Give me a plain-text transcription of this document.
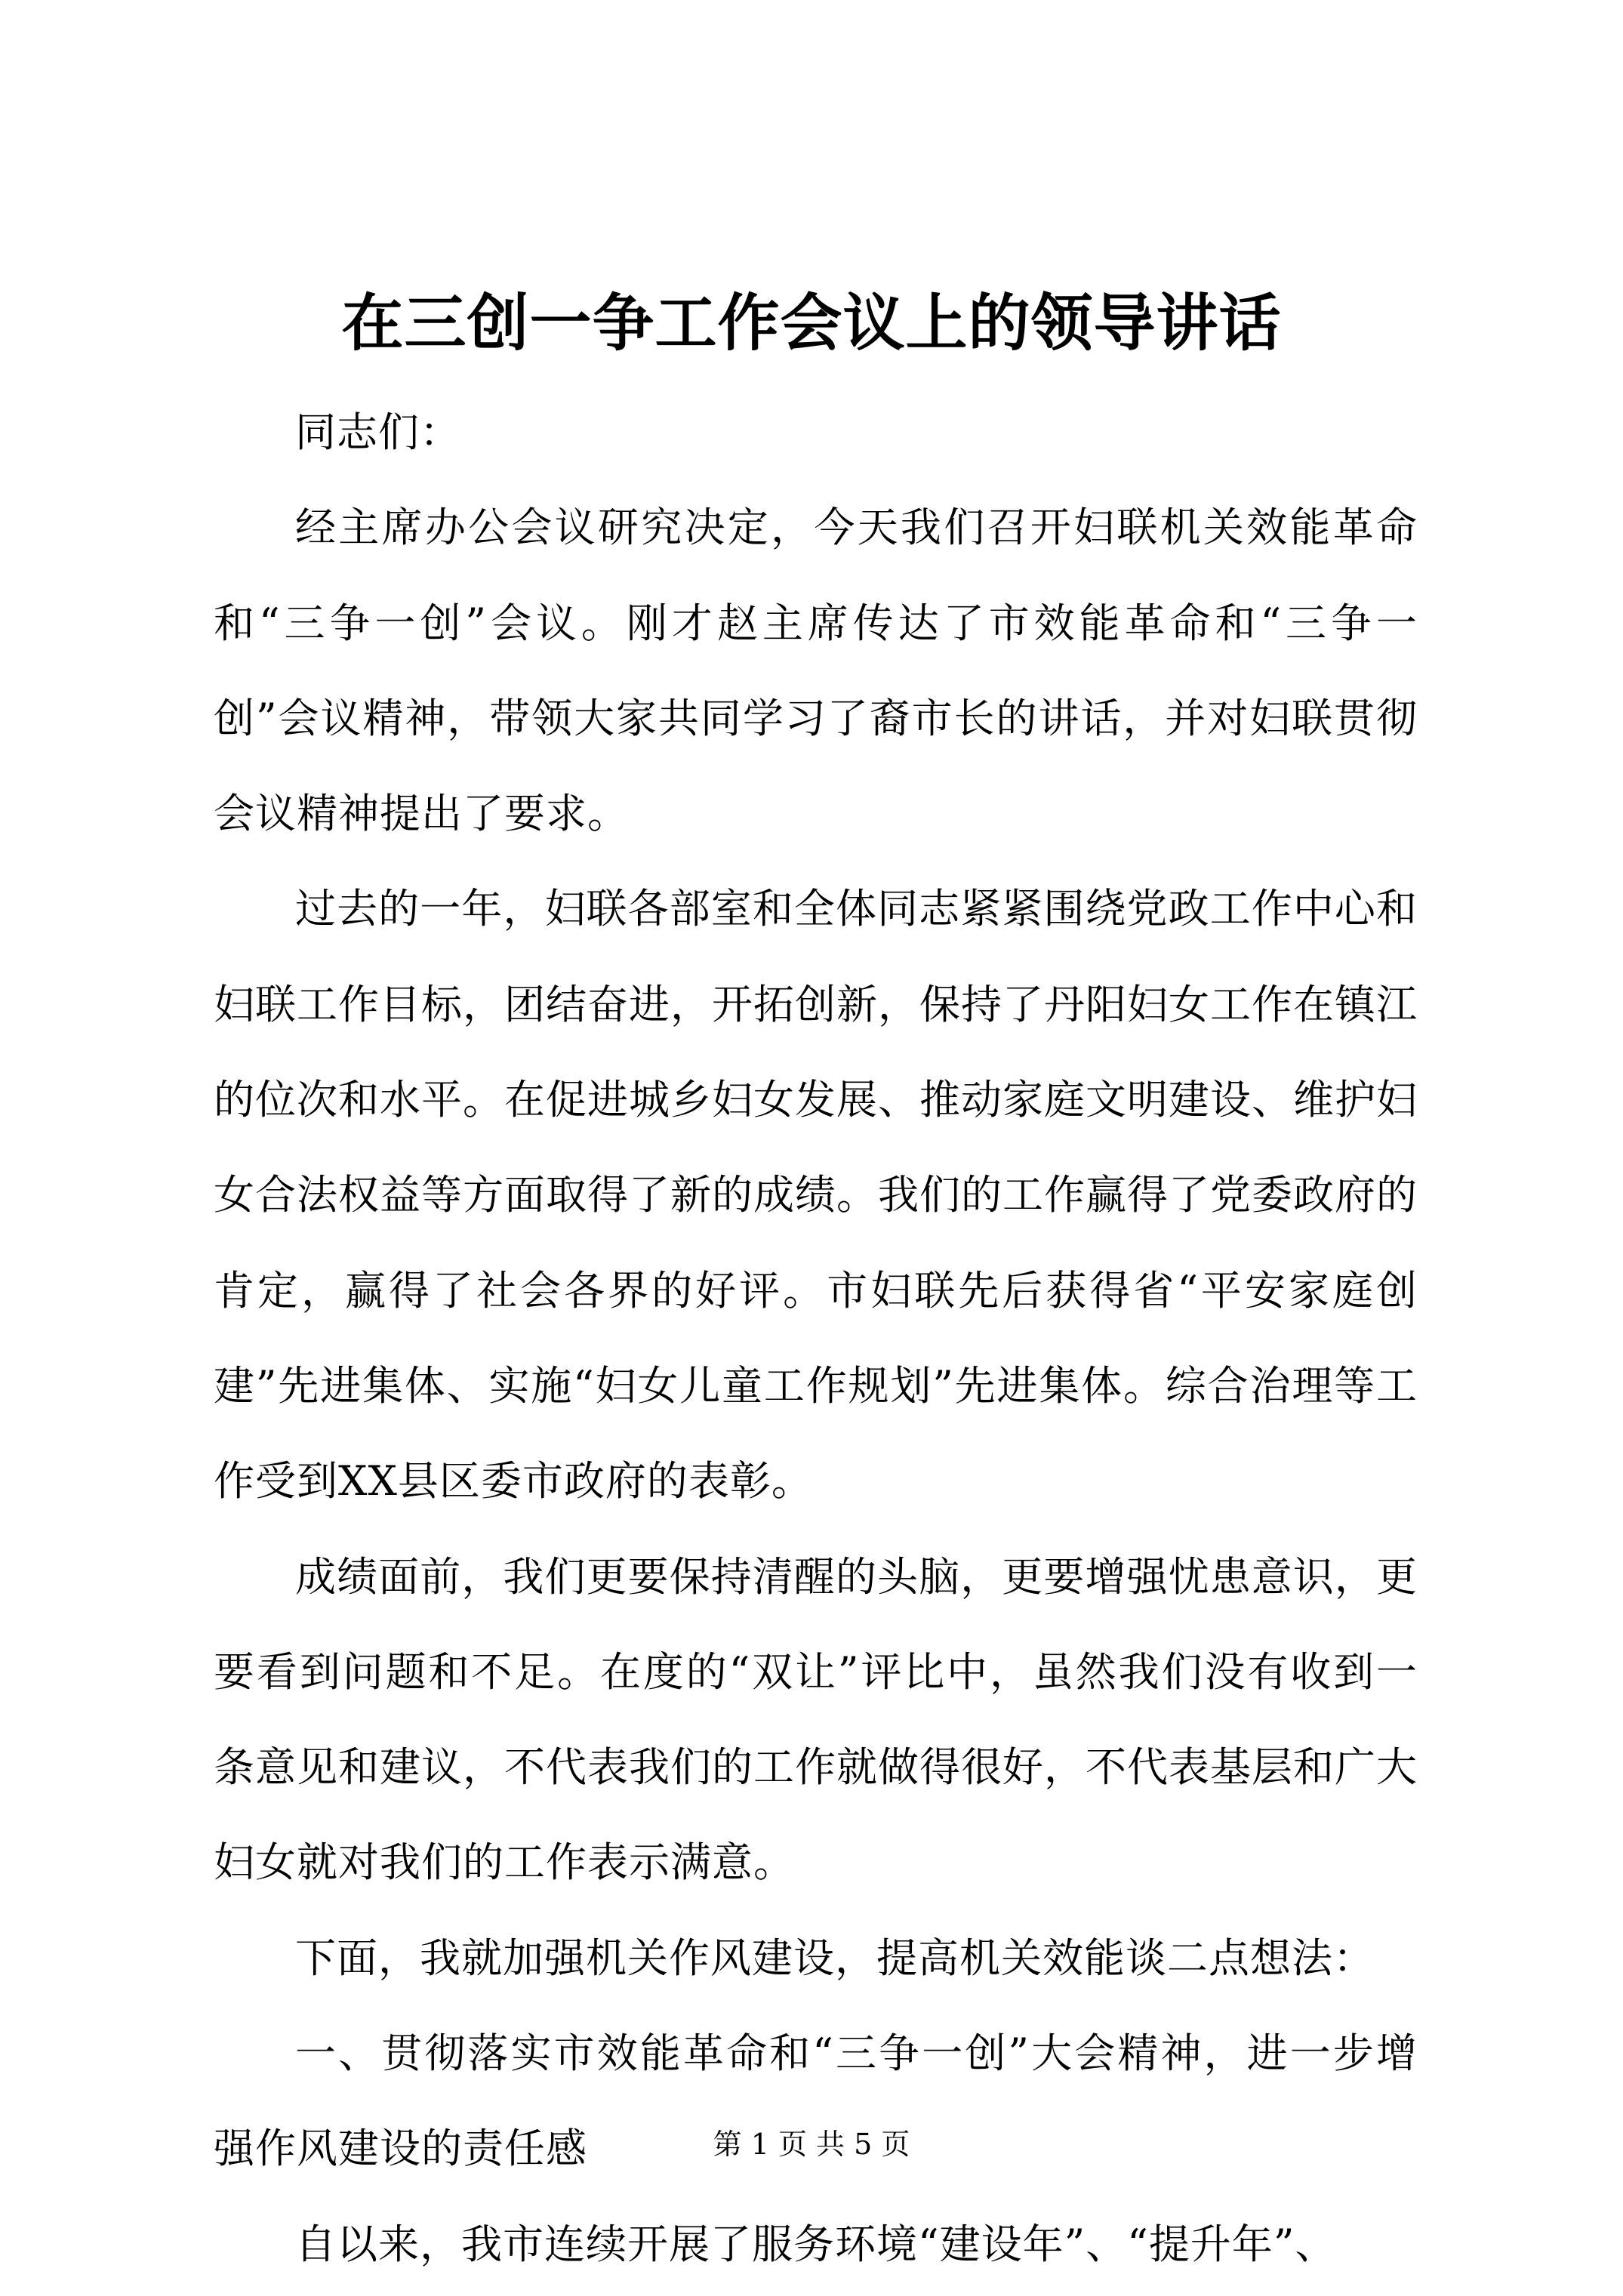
在三创一争工作会议上的领导讲话

同志们：

经主席办公会议研究决定，今天我们召开妇联机关效能革命和“三争一创”会议。刚才赵主席传达了市效能革命和“三争一创”会议精神，带领大家共同学习了裔市长的讲话，并对妇联贯彻会议精神提出了要求。

过去的一年，妇联各部室和全体同志紧紧围绕党政工作中心和妇联工作目标，团结奋进，开拓创新，保持了丹阳妇女工作在镇江的位次和水平。在促进城乡妇女发展、推动家庭文明建设、维护妇女合法权益等方面取得了新的成绩。我们的工作赢得了党委政府的肯定，赢得了社会各界的好评。市妇联先后获得省“平安家庭创建”先进集体、实施“妇女儿童工作规划”先进集体。综合治理等工作受到XX县区委市政府的表彰。

成绩面前，我们更要保持清醒的头脑，更要增强忧患意识，更要看到问题和不足。在度的“双让”评比中，虽然我们没有收到一条意见和建议，不代表我们的工作就做得很好，不代表基层和广大妇女就对我们的工作表示满意。

下面，我就加强机关作风建设，提高机关效能谈二点想法：

一、贯彻落实市效能革命和“三争一创”大会精神，进一步增强作风建设的责任感

自以来，我市连续开展了服务环境“建设年”、“提升年”、

第 1 页 共 5 页
